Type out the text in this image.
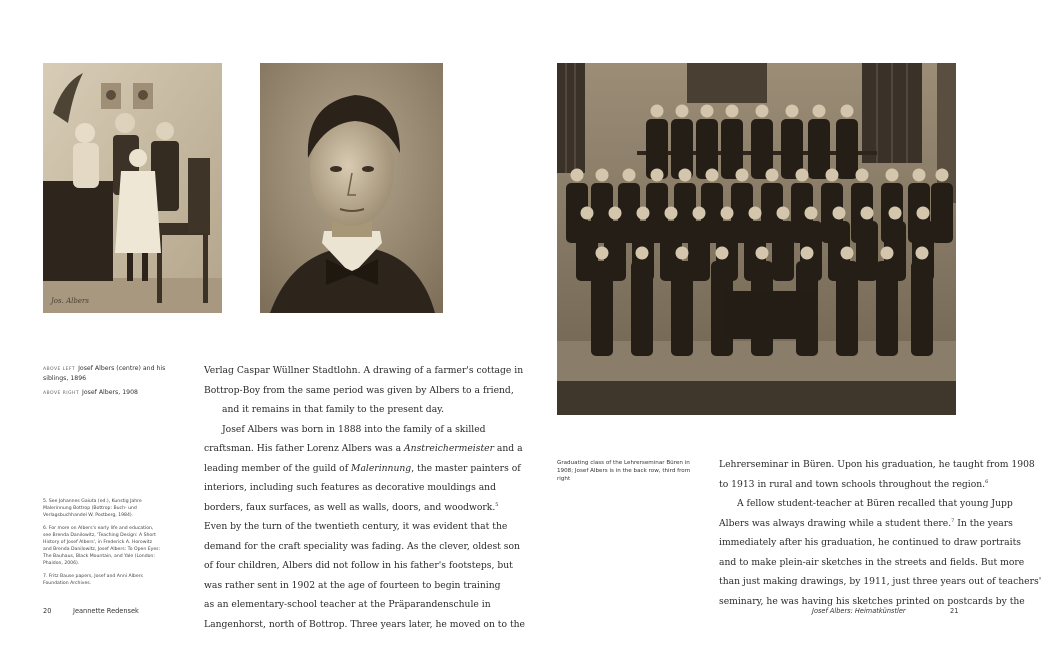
Jos. Albers
ABOVE LEFT Josef Albers (centre) and his siblings, 1896
ABOVE RIGHT Josef Albers, 1908
Graduating class of the Lehrerseminar Büren in 1908; Josef Albers is in the back row, third from right

5. See Johannes Gaiuta (ed.), Kunstig Jahre Malerinnung Bottrop (Bottrop: Buch- und Verlagsbuchhandel W. Postberg, 1984).

6. For more on Albers's early life and education, see Brenda Danilowitz, 'Teaching Design: A Short History of Josef Albers', in Frederick A. Horowitz and Brenda Danilowitz, Josef Albers: To Open Eyes: The Bauhaus, Black Mountain, and Yale (London: Phaidon, 2006).

7. Fritz Bause papers, Josef and Anni Albers Foundation Archives.

Verlag Caspar Wüllner Stadtlohn. A drawing of a farmer's cottage in
Bottrop-Boy from the same period was given by Albers to a friend,
and it remains in that family to the present day.
Josef Albers was born in 1888 into the family of a skilled
craftsman. His father Lorenz Albers was a Anstreichermeister and a
leading member of the guild of Malerinnung, the master painters of
interiors, including such features as decorative mouldings and
borders, faux surfaces, as well as walls, doors, and woodwork.$^5$
Even by the turn of the twentieth century, it was evident that the
demand for the craft speciality was fading. As the clever, oldest son
of four children, Albers did not follow in his father's footsteps, but
was rather sent in 1902 at the age of fourteen to begin training
as an elementary-school teacher at the Präparandenschule in
Langenhorst, north of Bottrop. Three years later, he moved on to the
Lehrerseminar in Büren. Upon his graduation, he taught from 1908
to 1913 in rural and town schools throughout the region.$^6$
A fellow student-teacher at Büren recalled that young Jupp
Albers was always drawing while a student there.$^7$ In the years
immediately after his graduation, he continued to draw portraits
and to make plein-air sketches in the streets and fields. But more
than just making drawings, by 1911, just three years out of teachers'
seminary, he was having his sketches printed on postcards by the
20	Jeannette Redensek	Josef Albers: Heimatkünstler	21
